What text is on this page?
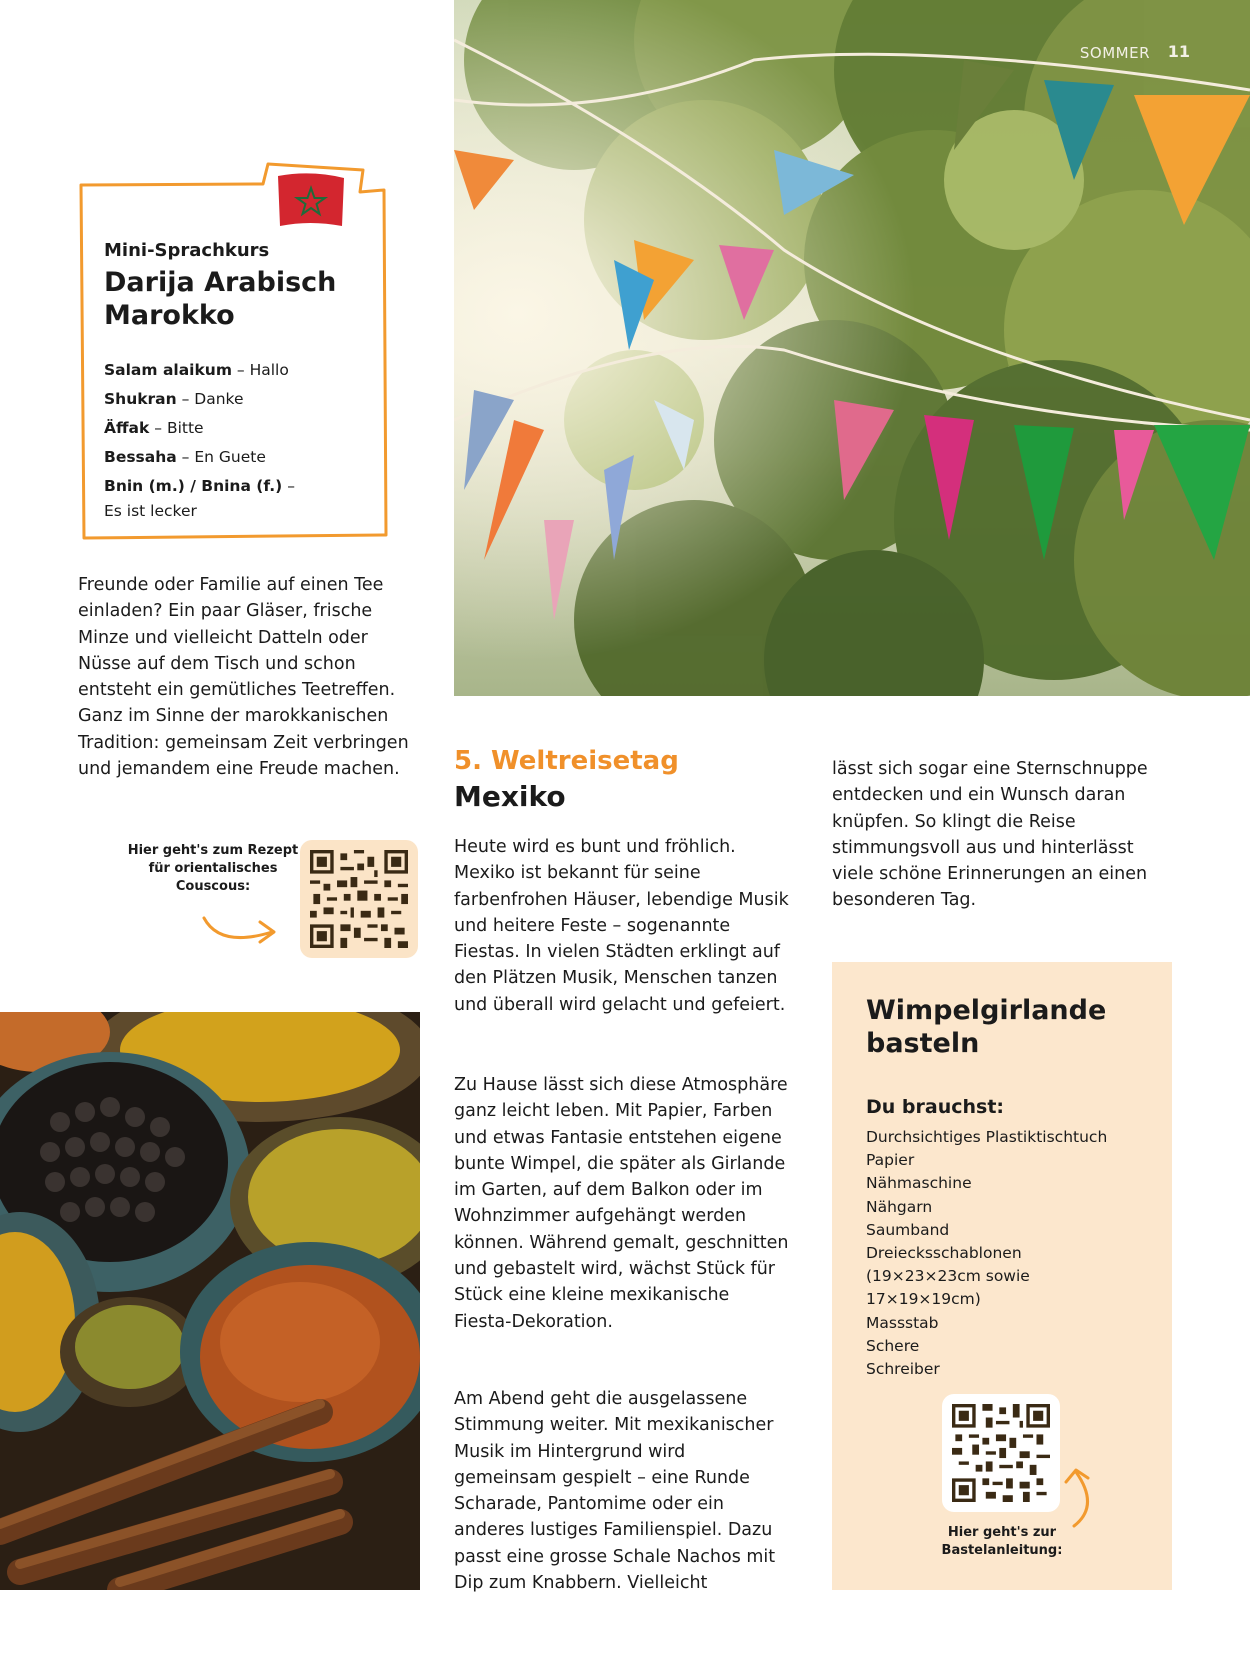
SOMMER 11
Mini-Sprachkurs
Darija Arabisch Marokko
Salam alaikum – Hallo
Shukran – Danke
Äffak – Bitte
Bessaha – En Guete
Bnin (m.) / Bnina (f.) –
Es ist lecker

Freunde oder Familie auf einen Tee einladen? Ein paar Gläser, frische Minze und vielleicht Datteln oder Nüsse auf dem Tisch und schon entsteht ein gemütliches Teetreffen. Ganz im Sinne der marokkanischen Tradition: gemeinsam Zeit verbringen und jemandem eine Freude machen.

Hier geht's zum Rezept für orientalisches Couscous:
5. Weltreisetag
Mexiko

Heute wird es bunt und fröhlich. Mexiko ist bekannt für seine farbenfrohen Häuser, lebendige Musik und heitere Feste – sogenannte Fiestas. In vielen Städten erklingt auf den Plätzen Musik, Menschen tanzen und überall wird gelacht und gefeiert.

Zu Hause lässt sich diese Atmosphäre ganz leicht leben. Mit Papier, Farben und etwas Fantasie entstehen eigene bunte Wimpel, die später als Girlande im Garten, auf dem Balkon oder im Wohnzimmer aufgehängt werden können. Während gemalt, geschnitten und gebastelt wird, wächst Stück für Stück eine kleine mexikanische Fiesta-Dekoration.

Am Abend geht die ausgelassene Stimmung weiter. Mit mexikanischer Musik im Hintergrund wird gemeinsam gespielt – eine Runde Scharade, Pantomime oder ein anderes lustiges Familienspiel. Dazu passt eine grosse Schale Nachos mit Dip zum Knabbern. Vielleicht

lässt sich sogar eine Sternschnuppe entdecken und ein Wunsch daran knüpfen. So klingt die Reise stimmungsvoll aus und hinterlässt viele schöne Erinnerungen an einen besonderen Tag.

Wimpelgirlande basteln
Du brauchst:
Durchsichtiges Plastiktischtuch
Papier
Nähmaschine
Nähgarn
Saumband
Dreiecksschablonen
(19×23×23cm sowie
17×19×19cm)
Massstab
Schere
Schreiber
Hier geht's zur Bastelanleitung:
